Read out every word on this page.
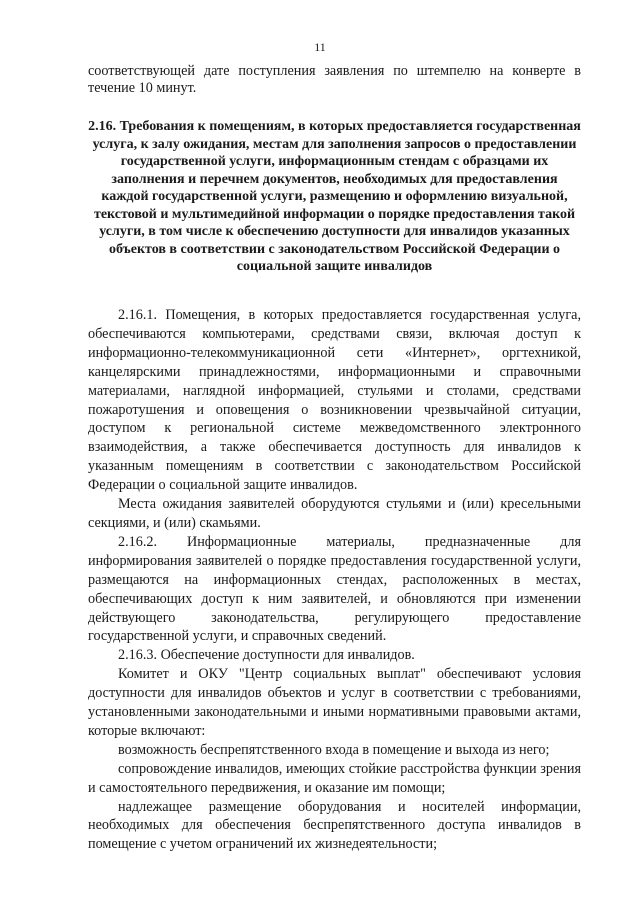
11

соответствующей дате поступления заявления по штемпелю на конверте в течение 10 минут.

2.16. Требования к помещениям, в которых предоставляется государственная услуга, к залу ожидания, местам для заполнения запросов о предоставлении государственной услуги, информационным стендам с образцами их заполнения и перечнем документов, необходимых для предоставления каждой государственной услуги, размещению и оформлению визуальной, текстовой и мультимедийной информации о порядке предоставления такой услуги, в том числе к обеспечению доступности для инвалидов указанных объектов в соответствии с законодательством Российской Федерации о социальной защите инвалидов

2.16.1. Помещения, в которых предоставляется государственная услуга, обеспечиваются компьютерами, средствами связи, включая доступ к информационно-телекоммуникационной сети «Интернет», оргтехникой, канцелярскими принадлежностями, информационными и справочными материалами, наглядной информацией, стульями и столами, средствами пожаротушения и оповещения о возникновении чрезвычайной ситуации, доступом к региональной системе межведомственного электронного взаимодействия, а также обеспечивается доступность для инвалидов к указанным помещениям в соответствии с законодательством Российской Федерации о социальной защите инвалидов.

Места ожидания заявителей оборудуются стульями и (или) кресельными секциями, и (или) скамьями.

2.16.2. Информационные материалы, предназначенные для информирования заявителей о порядке предоставления государственной услуги, размещаются на информационных стендах, расположенных в местах, обеспечивающих доступ к ним заявителей, и обновляются при изменении действующего законодательства, регулирующего предоставление государственной услуги, и справочных сведений.

2.16.3. Обеспечение доступности для инвалидов.

Комитет и ОКУ "Центр социальных выплат" обеспечивают условия доступности для инвалидов объектов и услуг в соответствии с требованиями, установленными законодательными и иными нормативными правовыми актами, которые включают:

возможность беспрепятственного входа в помещение и выхода из него;

сопровождение инвалидов, имеющих стойкие расстройства функции зрения и самостоятельного передвижения, и оказание им помощи;

надлежащее размещение оборудования и носителей информации, необходимых для обеспечения беспрепятственного доступа инвалидов в помещение с учетом ограничений их жизнедеятельности;
